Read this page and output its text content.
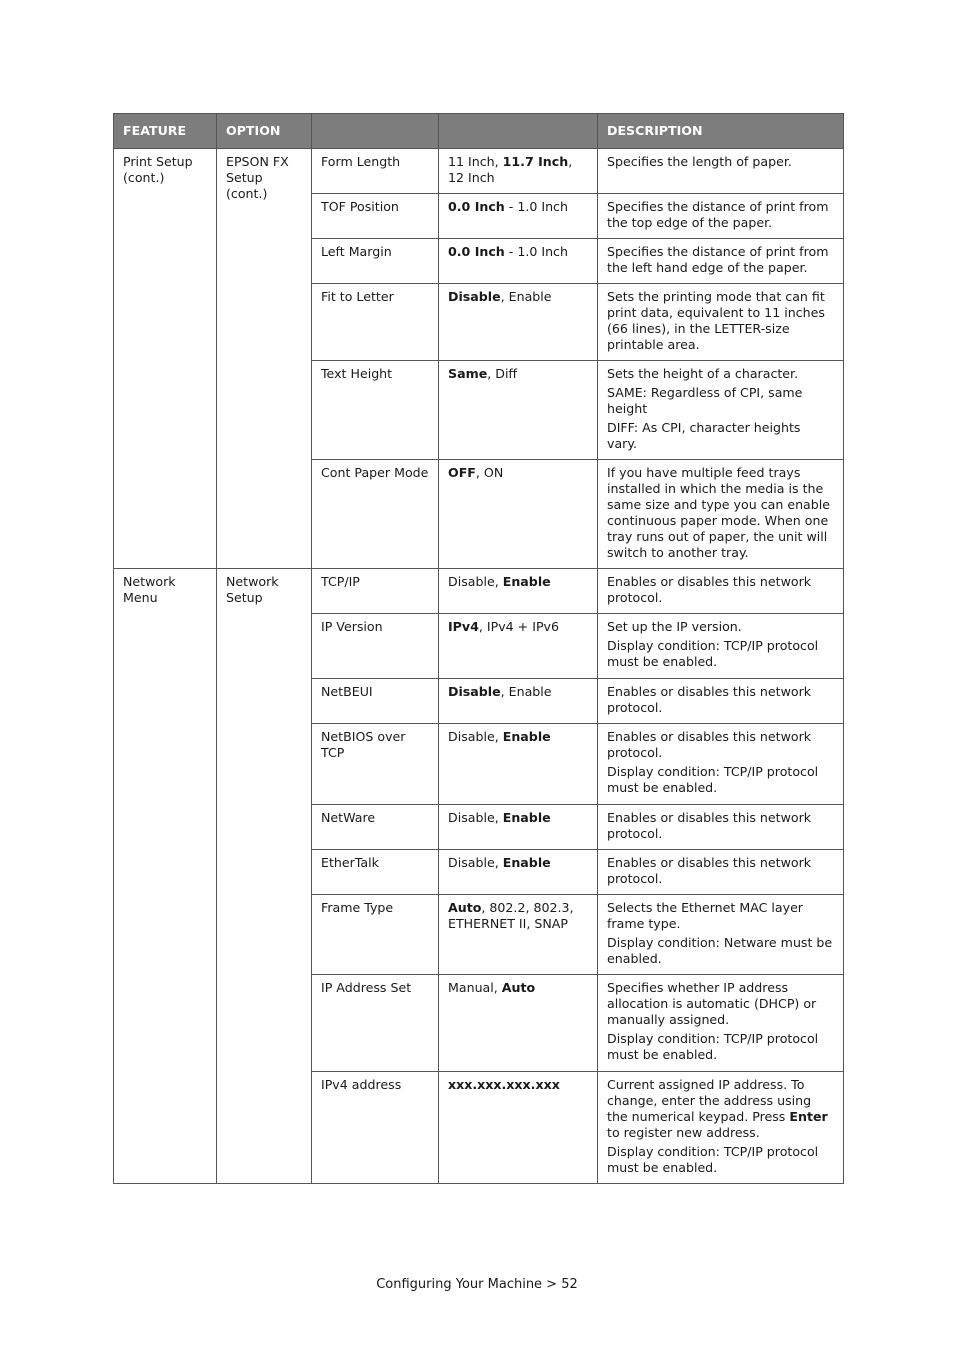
FEATURE	OPTION			DESCRIPTION
Print Setup (cont.)	EPSON FX Setup (cont.)	Form Length	11 Inch, 11.7 Inch, 12 Inch	Specifies the length of paper.

		TOF Position	0.0 Inch - 1.0 Inch	Specifies the distance of print from the top edge of the paper.

		Left Margin	0.0 Inch - 1.0 Inch	Specifies the distance of print from the left hand edge of the paper.

		Fit to Letter	Disable, Enable	Sets the printing mode that can fit print data, equivalent to 11 inches (66 lines), in the LETTER-size printable area.

		Text Height	Same, Diff	Sets the height of a character.
SAME: Regardless of CPI, same height
DIFF: As CPI, character heights vary.

		Cont Paper Mode	OFF, ON	If you have multiple feed trays installed in which the media is the same size and type you can enable continuous paper mode. When one tray runs out of paper, the unit will switch to another tray.

Network Menu	Network Setup	TCP/IP	Disable, Enable	Enables or disables this network protocol.

		IP Version	IPv4, IPv4 + IPv6	Set up the IP version.
Display condition: TCP/IP protocol must be enabled.

		NetBEUI	Disable, Enable	Enables or disables this network protocol.

		NetBIOS over TCP	Disable, Enable	Enables or disables this network protocol.
Display condition: TCP/IP protocol must be enabled.

		NetWare	Disable, Enable	Enables or disables this network protocol.

		EtherTalk	Disable, Enable	Enables or disables this network protocol.

		Frame Type	Auto, 802.2, 802.3, ETHERNET II, SNAP	Selects the Ethernet MAC layer frame type.
Display condition: Netware must be enabled.

		IP Address Set	Manual, Auto	Specifies whether IP address allocation is automatic (DHCP) or manually assigned.
Display condition: TCP/IP protocol must be enabled.

		IPv4 address	xxx.xxx.xxx.xxx	Current assigned IP address. To change, enter the address using the numerical keypad. Press Enter to register new address.
Display condition: TCP/IP protocol must be enabled.
Configuring Your Machine > 52
